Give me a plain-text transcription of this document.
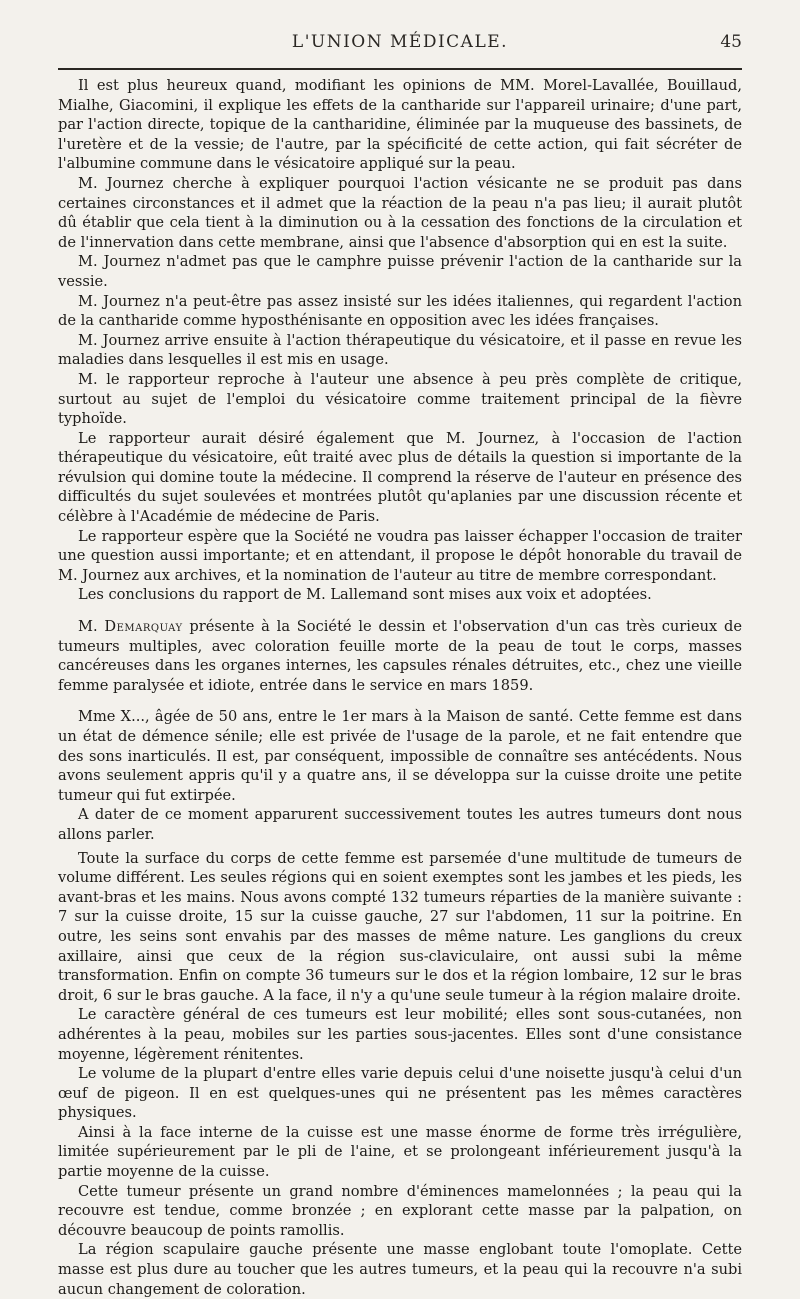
L'UNION MÉDICALE.	45

Il est plus heureux quand, modifiant les opinions de MM. Morel-Lavallée, Bouillaud, Mialhe, Giacomini, il explique les effets de la cantharide sur l'appareil urinaire; d'une part, par l'action directe, topique de la cantharidine, éliminée par la muqueuse des bassinets, de l'uretère et de la vessie; de l'autre, par la spécificité de cette action, qui fait sécréter de l'albumine commune dans le vésicatoire appliqué sur la peau.

M. Journez cherche à expliquer pourquoi l'action vésicante ne se produit pas dans certaines circonstances et il admet que la réaction de la peau n'a pas lieu; il aurait plutôt dû établir que cela tient à la diminution ou à la cessation des fonctions de la circulation et de l'innervation dans cette membrane, ainsi que l'absence d'absorption qui en est la suite.

M. Journez n'admet pas que le camphre puisse prévenir l'action de la cantharide sur la vessie.

M. Journez n'a peut-être pas assez insisté sur les idées italiennes, qui regardent l'action de la cantharide comme hyposthénisante en opposition avec les idées françaises.

M. Journez arrive ensuite à l'action thérapeutique du vésicatoire, et il passe en revue les maladies dans lesquelles il est mis en usage.

M. le rapporteur reproche à l'auteur une absence à peu près complète de critique, surtout au sujet de l'emploi du vésicatoire comme traitement principal de la fièvre typhoïde.

Le rapporteur aurait désiré également que M. Journez, à l'occasion de l'action thérapeutique du vésicatoire, eût traité avec plus de détails la question si importante de la révulsion qui domine toute la médecine. Il comprend la réserve de l'auteur en présence des difficultés du sujet soulevées et montrées plutôt qu'aplanies par une discussion récente et célèbre à l'Académie de médecine de Paris.

Le rapporteur espère que la Société ne voudra pas laisser échapper l'occasion de traiter une question aussi importante; et en attendant, il propose le dépôt honorable du travail de M. Journez aux archives, et la nomination de l'auteur au titre de membre correspondant.

Les conclusions du rapport de M. Lallemand sont mises aux voix et adoptées.

M. Demarquay présente à la Société le dessin et l'observation d'un cas très curieux de tumeurs multiples, avec coloration feuille morte de la peau de tout le corps, masses cancéreuses dans les organes internes, les capsules rénales détruites, etc., chez une vieille femme paralysée et idiote, entrée dans le service en mars 1859.

Mme X..., âgée de 50 ans, entre le 1er mars à la Maison de santé. Cette femme est dans un état de démence sénile; elle est privée de l'usage de la parole, et ne fait entendre que des sons inarticulés. Il est, par conséquent, impossible de connaître ses antécédents. Nous avons seulement appris qu'il y a quatre ans, il se développa sur la cuisse droite une petite tumeur qui fut extirpée.

A dater de ce moment apparurent successivement toutes les autres tumeurs dont nous allons parler.

Toute la surface du corps de cette femme est parsemée d'une multitude de tumeurs de volume différent. Les seules régions qui en soient exemptes sont les jambes et les pieds, les avant-bras et les mains. Nous avons compté 132 tumeurs réparties de la manière suivante : 7 sur la cuisse droite, 15 sur la cuisse gauche, 27 sur l'abdomen, 11 sur la poitrine. En outre, les seins sont envahis par des masses de même nature. Les ganglions du creux axillaire, ainsi que ceux de la région sus-claviculaire, ont aussi subi la même transformation. Enfin on compte 36 tumeurs sur le dos et la région lombaire, 12 sur le bras droit, 6 sur le bras gauche. A la face, il n'y a qu'une seule tumeur à la région malaire droite.

Le caractère général de ces tumeurs est leur mobilité; elles sont sous-cutanées, non adhérentes à la peau, mobiles sur les parties sous-jacentes. Elles sont d'une consistance moyenne, légèrement rénitentes.

Le volume de la plupart d'entre elles varie depuis celui d'une noisette jusqu'à celui d'un œuf de pigeon. Il en est quelques-unes qui ne présentent pas les mêmes caractères physiques.

Ainsi à la face interne de la cuisse est une masse énorme de forme très irrégulière, limitée supérieurement par le pli de l'aine, et se prolongeant inférieurement jusqu'à la partie moyenne de la cuisse.

Cette tumeur présente un grand nombre d'éminences mamelonnées ; la peau qui la recouvre est tendue, comme bronzée ; en explorant cette masse par la palpation, on découvre beaucoup de points ramollis.

La région scapulaire gauche présente une masse englobant toute l'omoplate. Cette masse est plus dure au toucher que les autres tumeurs, et la peau qui la recouvre n'a subi aucun changement de coloration.
